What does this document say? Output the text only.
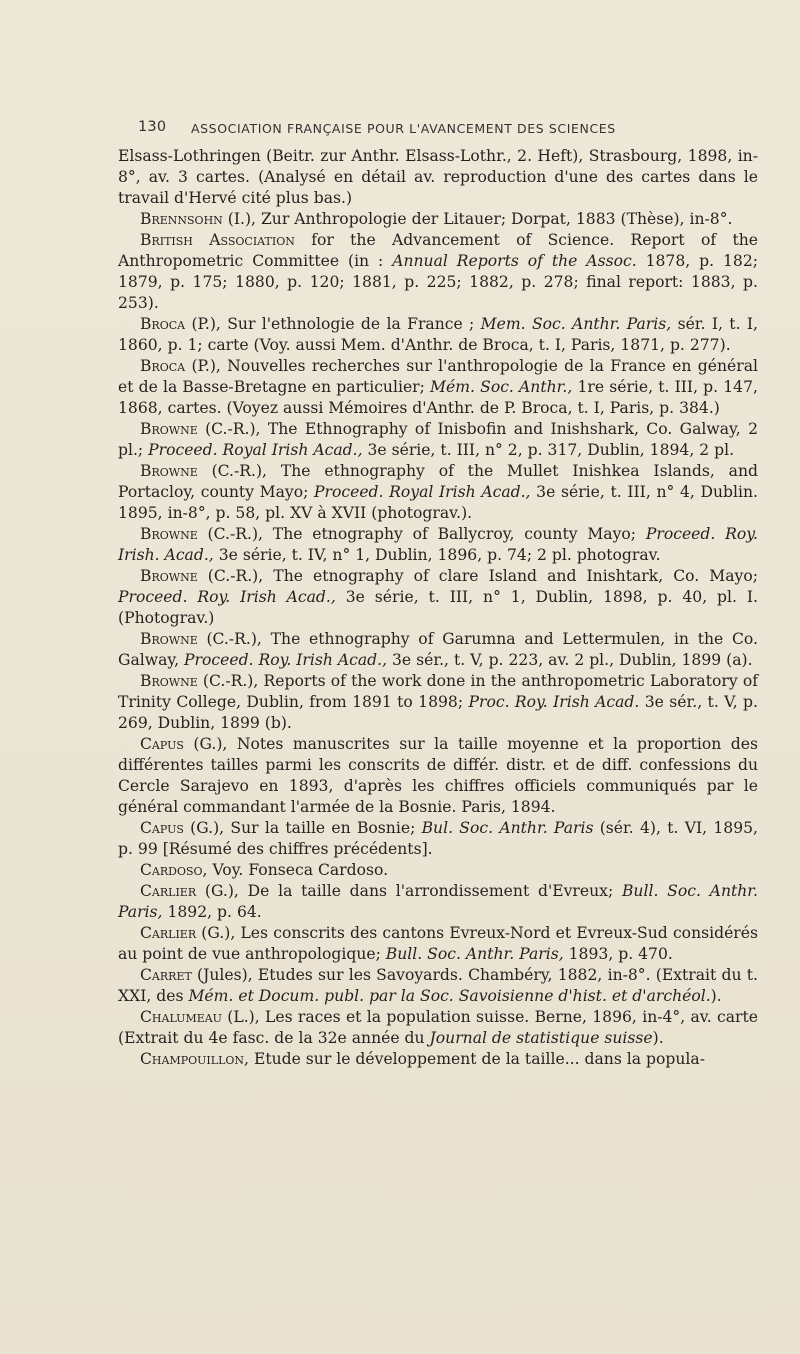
130 ASSOCIATION FRANÇAISE POUR L'AVANCEMENT DES SCIENCES

Elsass-Lothringen (Beitr. zur Anthr. Elsass-Lothr., 2. Heft), Strasbourg, 1898, in-8°, av. 3 cartes. (Analysé en détail av. reproduction d'une des cartes dans le travail d'Hervé cité plus bas.)

Brennsohn (I.), Zur Anthropologie der Litauer; Dorpat, 1883 (Thèse), in-8°.

British Association for the Advancement of Science. Report of the Anthropometric Committee (in : Annual Reports of the Assoc. 1878, p. 182; 1879, p. 175; 1880, p. 120; 1881, p. 225; 1882, p. 278; final report: 1883, p. 253).

Broca (P.), Sur l'ethnologie de la France ; Mem. Soc. Anthr. Paris, sér. I, t. I, 1860, p. 1; carte (Voy. aussi Mem. d'Anthr. de Broca, t. I, Paris, 1871, p. 277).

Broca (P.), Nouvelles recherches sur l'anthropologie de la France en général et de la Basse-Bretagne en particulier; Mém. Soc. Anthr., 1re série, t. III, p. 147, 1868, cartes. (Voyez aussi Mémoires d'Anthr. de P. Broca, t. I, Paris, p. 384.)

Browne (C.-R.), The Ethnography of Inisbofin and Inishshark, Co. Galway, 2 pl.; Proceed. Royal Irish Acad., 3e série, t. III, n° 2, p. 317, Dublin, 1894, 2 pl.

Browne (C.-R.), The ethnography of the Mullet Inishkea Islands, and Portacloy, county Mayo; Proceed. Royal Irish Acad., 3e série, t. III, n° 4, Dublin. 1895, in-8°, p. 58, pl. XV à XVII (photograv.).

Browne (C.-R.), The etnography of Ballycroy, county Mayo; Proceed. Roy. Irish. Acad., 3e série, t. IV, n° 1, Dublin, 1896, p. 74; 2 pl. photograv.

Browne (C.-R.), The etnography of clare Island and Inishtark, Co. Mayo; Proceed. Roy. Irish Acad., 3e série, t. III, n° 1, Dublin, 1898, p. 40, pl. I. (Photograv.)

Browne (C.-R.), The ethnography of Garumna and Lettermulen, in the Co. Galway, Proceed. Roy. Irish Acad., 3e sér., t. V, p. 223, av. 2 pl., Dublin, 1899 (a).

Browne (C.-R.), Reports of the work done in the anthropometric Laboratory of Trinity College, Dublin, from 1891 to 1898; Proc. Roy. Irish Acad. 3e sér., t. V, p. 269, Dublin, 1899 (b).

Capus (G.), Notes manuscrites sur la taille moyenne et la proportion des différentes tailles parmi les conscrits de différ. distr. et de diff. confessions du Cercle Sarajevo en 1893, d'après les chiffres officiels communiqués par le général commandant l'armée de la Bosnie. Paris, 1894.

Capus (G.), Sur la taille en Bosnie; Bul. Soc. Anthr. Paris (sér. 4), t. VI, 1895, p. 99 [Résumé des chiffres précédents].

Cardoso, Voy. Fonseca Cardoso.

Carlier (G.), De la taille dans l'arrondissement d'Evreux; Bull. Soc. Anthr. Paris, 1892, p. 64.

Carlier (G.), Les conscrits des cantons Evreux-Nord et Evreux-Sud considérés au point de vue anthropologique; Bull. Soc. Anthr. Paris, 1893, p. 470.

Carret (Jules), Etudes sur les Savoyards. Chambéry, 1882, in-8°. (Extrait du t. XXI, des Mém. et Docum. publ. par la Soc. Savoisienne d'hist. et d'archéol.).

Chalumeau (L.), Les races et la population suisse. Berne, 1896, in-4°, av. carte (Extrait du 4e fasc. de la 32e année du Journal de statistique suisse).

Champouillon, Etude sur le développement de la taille... dans la popula-
